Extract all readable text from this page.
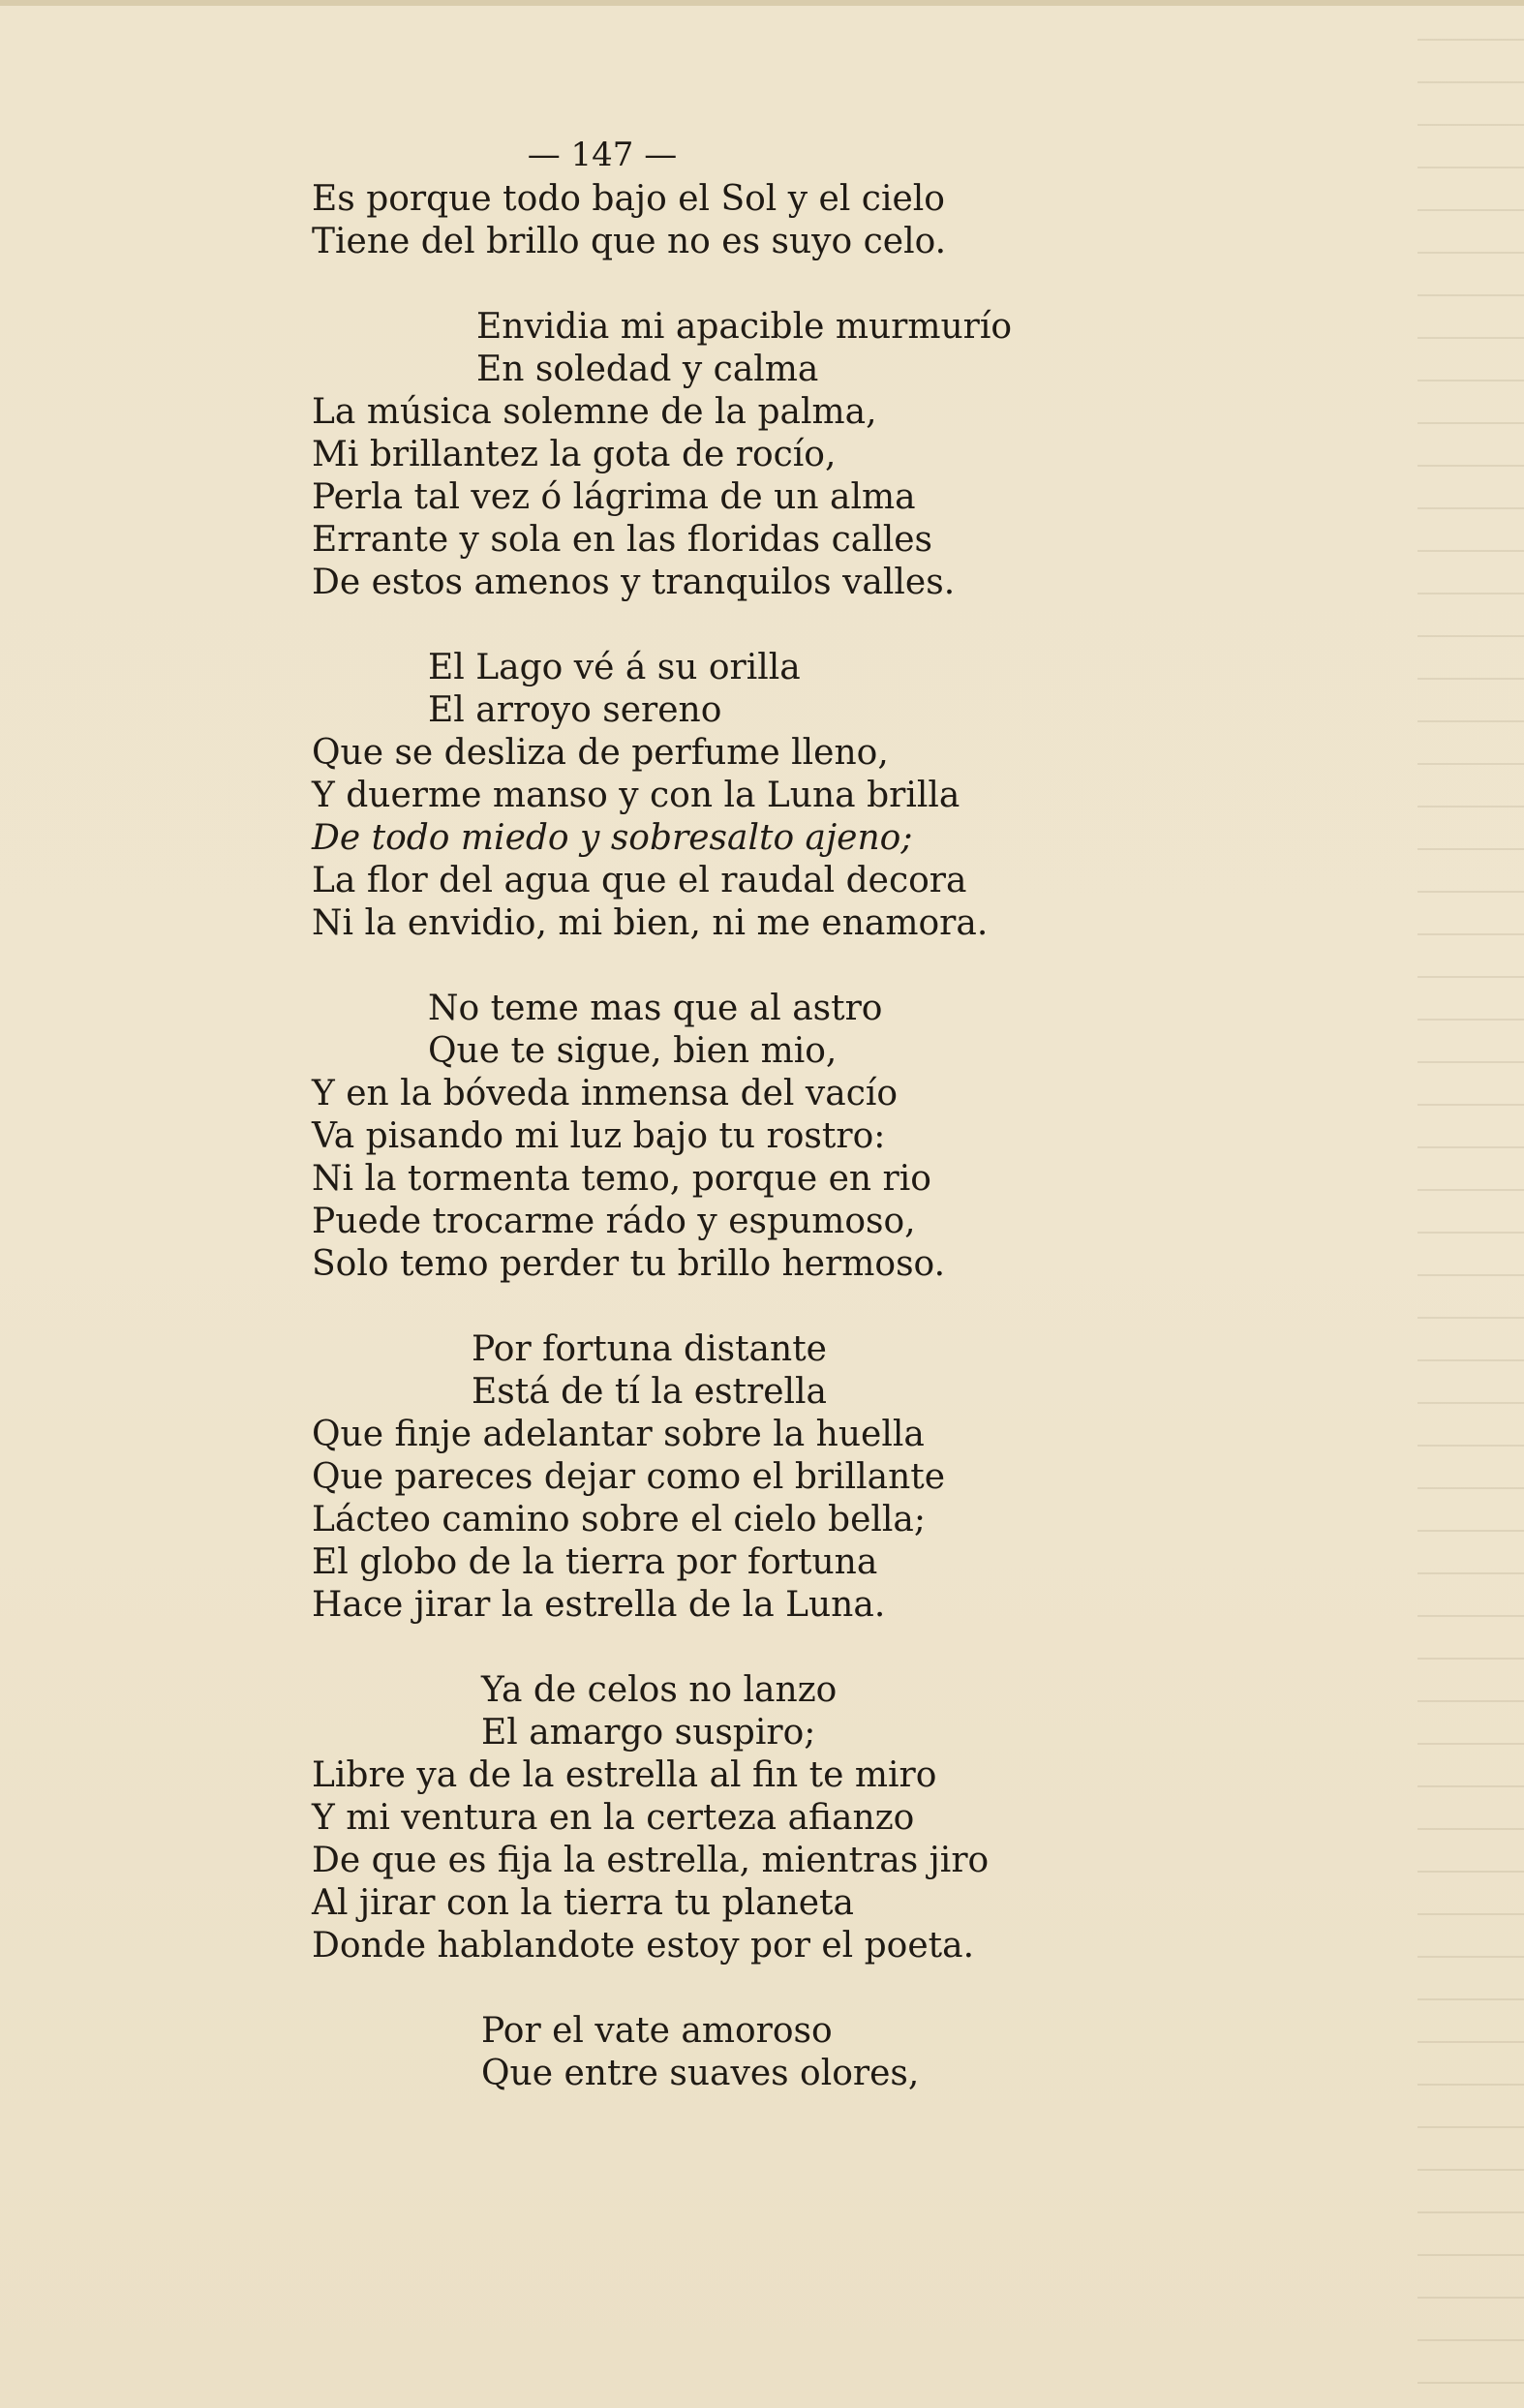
— 147 —
Es porque todo bajo el Sol y el cielo
Tiene del brillo que no es suyo celo.
Envidia mi apacible murmurío
En soledad y calma
La música solemne de la palma,
Mi brillantez la gota de rocío,
Perla tal vez ó lágrima de un alma
Errante y sola en las floridas calles
De estos amenos y tranquilos valles.
El Lago vé á su orilla
El arroyo sereno
Que se desliza de perfume lleno,
Y duerme manso y con la Luna brilla
De todo miedo y sobresalto ajeno;
La flor del agua que el raudal decora
Ni la envidio, mi bien, ni me enamora.
No teme mas que al astro
Que te sigue, bien mio,
Y en la bóveda inmensa del vacío
Va pisando mi luz bajo tu rostro:
Ni la tormenta temo, porque en rio
Puede trocarme rádo y espumoso,
Solo temo perder tu brillo hermoso.
Por fortuna distante
Está de tí la estrella
Que finje adelantar sobre la huella
Que pareces dejar como el brillante
Lácteo camino sobre el cielo bella;
El globo de la tierra por fortuna
Hace jirar la estrella de la Luna.
Ya de celos no lanzo
El amargo suspiro;
Libre ya de la estrella al fin te miro
Y mi ventura en la certeza afianzo
De que es fija la estrella, mientras jiro
Al jirar con la tierra tu planeta
Donde hablandote estoy por el poeta.
Por el vate amoroso
Que entre suaves olores,
